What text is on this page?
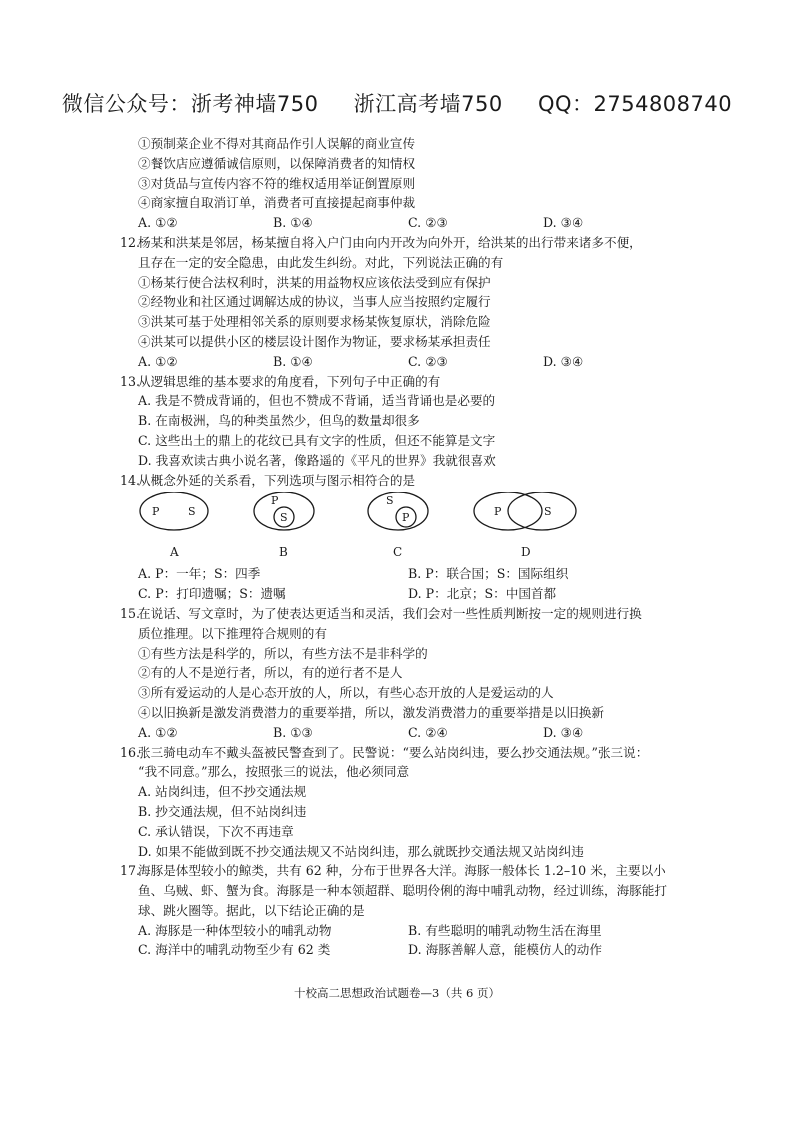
微信公众号：浙考神墙750 浙江高考墙750 QQ：2754808740
①预制菜企业不得对其商品作引人误解的商业宣传
②餐饮店应遵循诚信原则，以保障消费者的知情权
③对货品与宣传内容不符的维权适用举证倒置原则
④商家擅自取消订单，消费者可直接提起商事仲裁
A. ①②	B. ①④	C. ②③	D. ③④
12.杨某和洪某是邻居，杨某擅自将入户门由向内开改为向外开，给洪某的出行带来诸多不便，
且存在一定的安全隐患，由此发生纠纷。对此，下列说法正确的有
①杨某行使合法权利时，洪某的用益物权应该依法受到应有保护
②经物业和社区通过调解达成的协议，当事人应当按照约定履行
③洪某可基于处理相邻关系的原则要求杨某恢复原状，消除危险
④洪某可以提供小区的楼层设计图作为物证，要求杨某承担责任
A. ①②	B. ①④	C. ②③	D. ③④
13.从逻辑思维的基本要求的角度看，下列句子中正确的有
A. 我是不赞成背诵的，但也不赞成不背诵，适当背诵也是必要的
B. 在南极洲，鸟的种类虽然少，但鸟的数量却很多
C. 这些出土的鼎上的花纹已具有文字的性质，但还不能算是文字
D. 我喜欢读古典小说名著，像路遥的《平凡的世界》我就很喜欢
14.从概念外延的关系看，下列选项与图示相符合的是
P	S
P
S
S
P	P	S
A	B	C	D
A. P：一年；S：四季	B. P：联合国；S：国际组织
C. P：打印遗嘱；S：遗嘱	D. P：北京；S：中国首都
15.在说话、写文章时，为了使表达更适当和灵活，我们会对一些性质判断按一定的规则进行换
质位推理。以下推理符合规则的有
①有些方法是科学的，所以，有些方法不是非科学的
②有的人不是逆行者，所以，有的逆行者不是人
③所有爱运动的人是心态开放的人，所以，有些心态开放的人是爱运动的人
④以旧换新是激发消费潜力的重要举措，所以，激发消费潜力的重要举措是以旧换新
A. ①②	B. ①③	C. ②④	D. ③④
16.张三骑电动车不戴头盔被民警查到了。民警说：“要么站岗纠违，要么抄交通法规。”张三说：
“我不同意。”那么，按照张三的说法，他必须同意
A. 站岗纠违，但不抄交通法规
B. 抄交通法规，但不站岗纠违
C. 承认错误，下次不再违章
D. 如果不能做到既不抄交通法规又不站岗纠违，那么就既抄交通法规又站岗纠违
17.海豚是体型较小的鲸类，共有 62 种，分布于世界各大洋。海豚一般体长 1.2–10 米，主要以小
鱼、乌贼、虾、蟹为食。海豚是一种本领超群、聪明伶俐的海中哺乳动物，经过训练，海豚能打
球、跳火圈等。据此，以下结论正确的是
A. 海豚是一种体型较小的哺乳动物	B. 有些聪明的哺乳动物生活在海里
C. 海洋中的哺乳动物至少有 62 类	D. 海豚善解人意，能模仿人的动作
十校高二思想政治试题卷—3（共 6 页）
